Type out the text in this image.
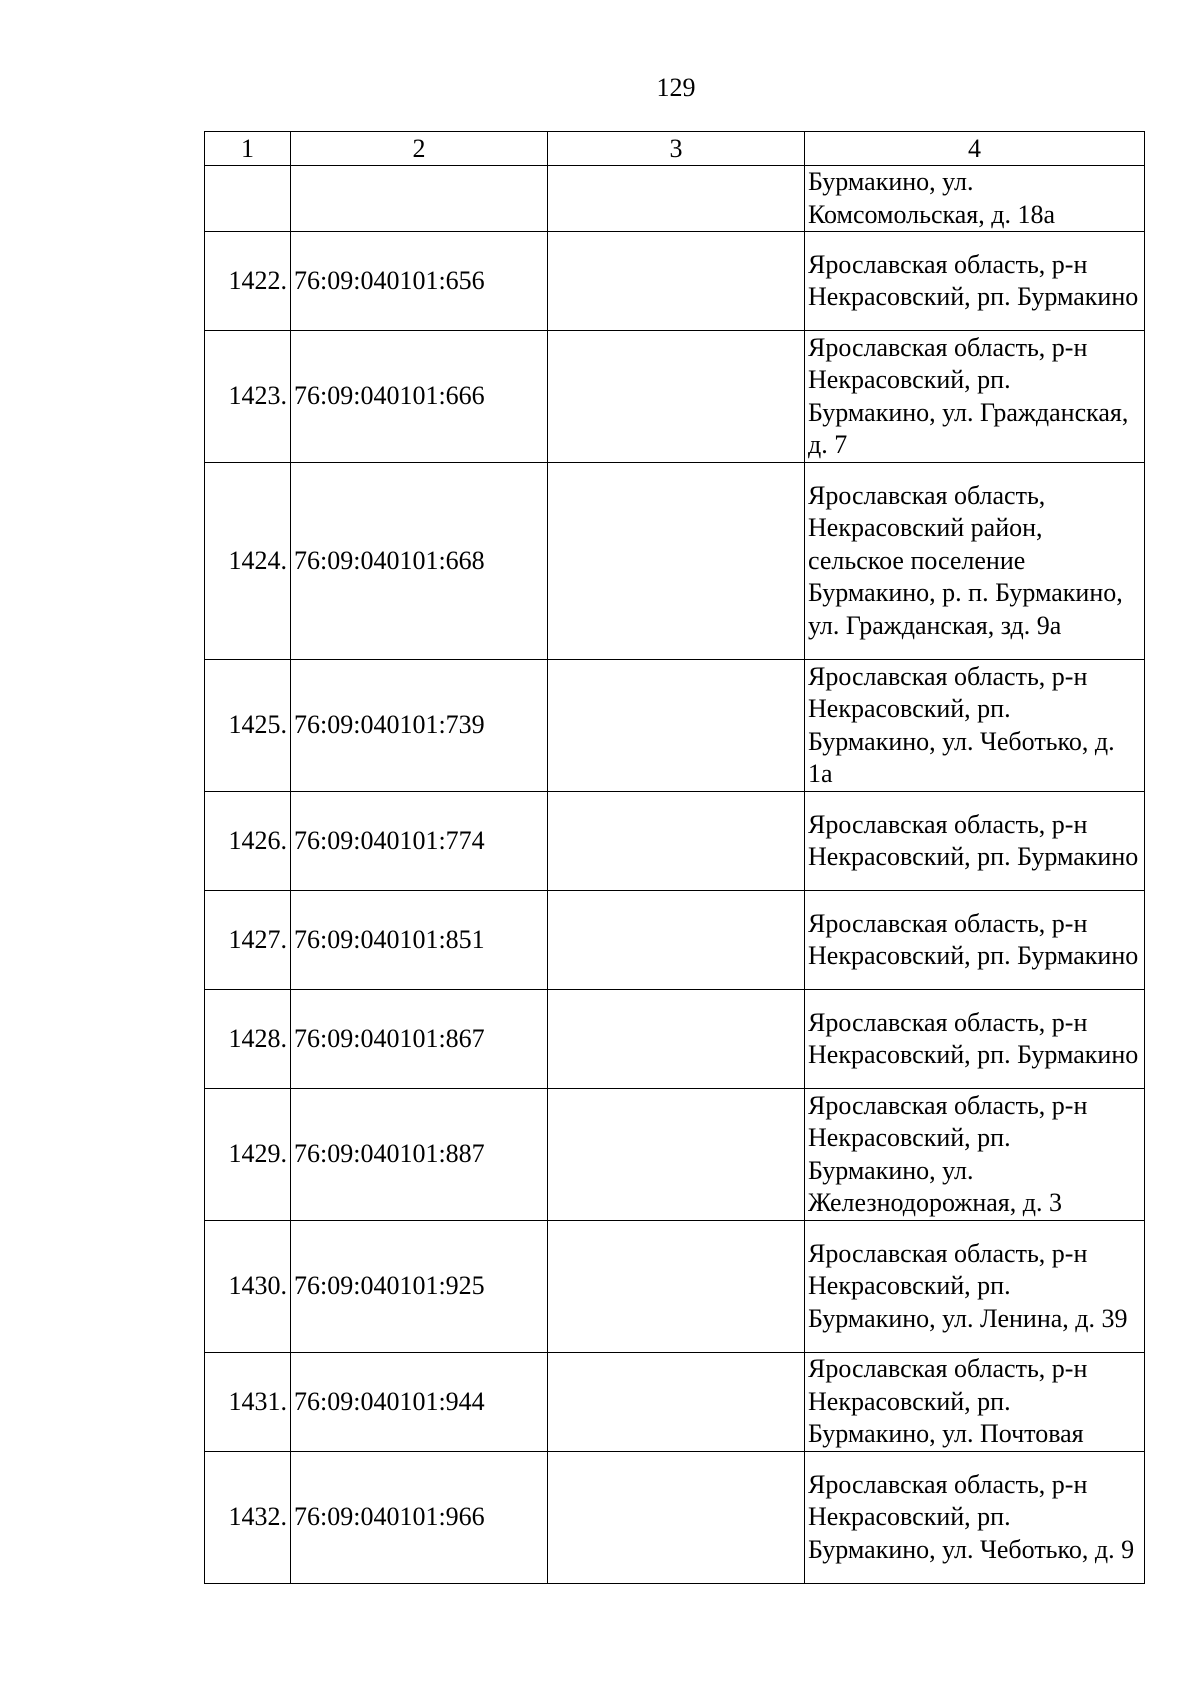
129
1	2	3	4
			Бурмакино, ул. Комсомольская, д. 18а
1422.	76:09:040101:656		Ярославская область, р-н Некрасовский, рп. Бурмакино
1423.	76:09:040101:666		Ярославская область, р-н Некрасовский, рп. Бурмакино, ул. Гражданская, д. 7
1424.	76:09:040101:668		Ярославская область, Некрасовский район, сельское поселение Бурмакино, р. п. Бурмакино, ул. Гражданская, зд. 9а
1425.	76:09:040101:739		Ярославская область, р-н Некрасовский, рп. Бурмакино, ул. Чеботько, д. 1а
1426.	76:09:040101:774		Ярославская область, р-н Некрасовский, рп. Бурмакино
1427.	76:09:040101:851		Ярославская область, р-н Некрасовский, рп. Бурмакино
1428.	76:09:040101:867		Ярославская область, р-н Некрасовский, рп. Бурмакино
1429.	76:09:040101:887		Ярославская область, р-н Некрасовский, рп. Бурмакино, ул. Железнодорожная, д. 3
1430.	76:09:040101:925		Ярославская область, р-н Некрасовский, рп. Бурмакино, ул. Ленина, д. 39
1431.	76:09:040101:944		Ярославская область, р-н Некрасовский, рп. Бурмакино, ул. Почтовая
1432.	76:09:040101:966		Ярославская область, р-н Некрасовский, рп. Бурмакино, ул. Чеботько, д. 9
